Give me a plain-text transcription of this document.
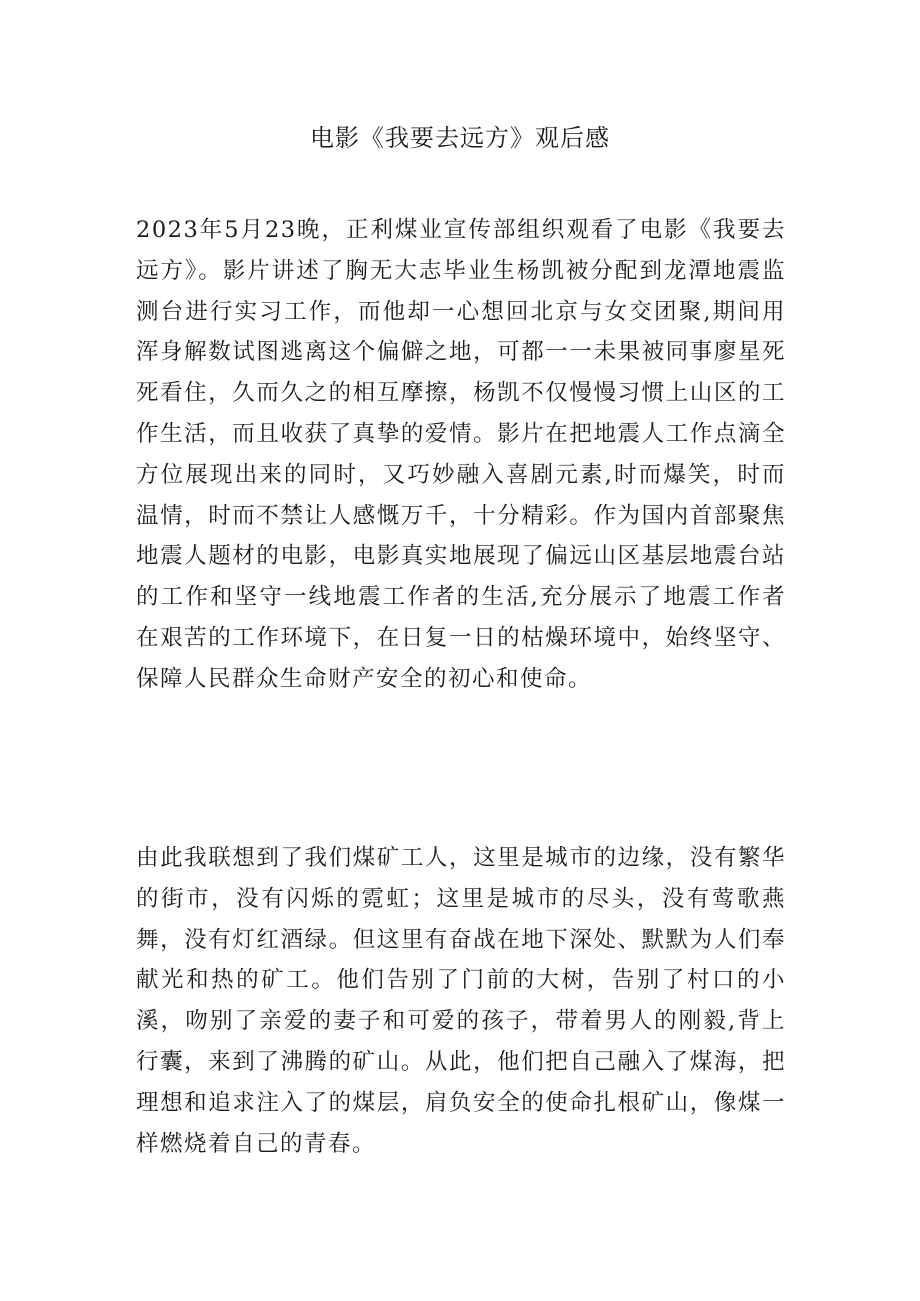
电影《我要去远方》观后感

2023年5月23晚，正利煤业宣传部组织观看了电影《我要去远方》。影片讲述了胸无大志毕业生杨凯被分配到龙潭地震监测台进行实习工作，而他却一心想回北京与女交团聚,期间用浑身解数试图逃离这个偏僻之地，可都一一未果被同事廖星死死看住，久而久之的相互摩擦，杨凯不仅慢慢习惯上山区的工作生活，而且收获了真挚的爱情。影片在把地震人工作点滴全方位展现出来的同时，又巧妙融入喜剧元素,时而爆笑，时而温情，时而不禁让人感慨万千，十分精彩。作为国内首部聚焦地震人题材的电影，电影真实地展现了偏远山区基层地震台站的工作和坚守一线地震工作者的生活,充分展示了地震工作者在艰苦的工作环境下，在日复一日的枯燥环境中，始终坚守、保障人民群众生命财产安全的初心和使命。

由此我联想到了我们煤矿工人，这里是城市的边缘，没有繁华的街市，没有闪烁的霓虹；这里是城市的尽头，没有莺歌燕舞，没有灯红酒绿。但这里有奋战在地下深处、默默为人们奉献光和热的矿工。他们告别了门前的大树，告别了村口的小溪，吻别了亲爱的妻子和可爱的孩子，带着男人的刚毅,背上行囊，来到了沸腾的矿山。从此，他们把自己融入了煤海，把理想和追求注入了的煤层，肩负安全的使命扎根矿山，像煤一样燃烧着自己的青春。
